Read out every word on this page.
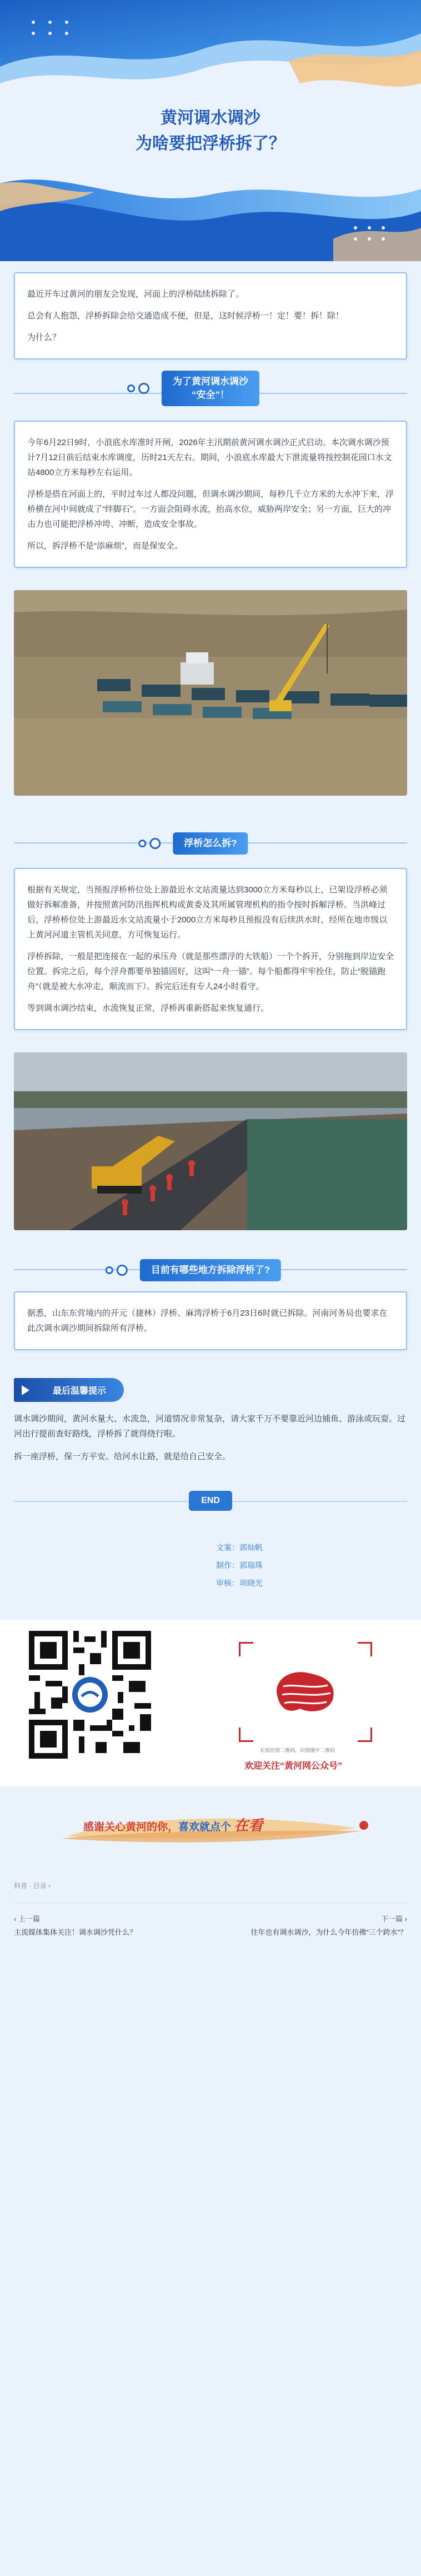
黄河调水调沙
为啥要把浮桥拆了？

最近开车过黄河的朋友会发现，河面上的浮桥陆续拆除了。

总会有人抱怨，浮桥拆除会给交通造成不便，但是，这时候浮桥一！定！要！拆！除！

为什么？

为了黄河调水调沙
“安全”！

今年6月22日9时，小浪底水库准时开闸，2026年主汛期前黄河调水调沙正式启动。本次调水调沙预计7月12日前后结束水库调度，历时21天左右。期间，小浪底水库最大下泄流量将按控制花园口水文站4800立方米每秒左右运用。

浮桥是搭在河面上的，平时过车过人都没问题，但调水调沙期间，每秒几千立方米的大水冲下来，浮桥横在河中间就成了“绊脚石”。一方面会阻碍水流，抬高水位，威胁两岸安全；另一方面，巨大的冲击力也可能把浮桥冲垮、冲断，造成安全事故。

所以，拆浮桥不是“添麻烦”，而是保安全。

浮桥怎么拆?

根据有关规定，当预报浮桥桥位处上游最近水文站流量达到3000立方米每秒以上，已架设浮桥必须做好拆解准备，并按照黄河防汛指挥机构或黄委及其所属管理机构的指令按时拆解浮桥。当洪峰过后，浮桥桥位处上游最近水文站流量小于2000立方米每秒且预报没有后续洪水时，经所在地市级以上黄河河道主管机关同意，方可恢复运行。

浮桥拆除，一般是把连接在一起的承压舟（就是那些漂浮的大铁船）一个个拆开，分别拖到岸边安全位置。拆完之后，每个浮舟都要单独锚固好，这叫“一舟一锚”。每个船都得牢牢拴住，防止“脱锚跑舟”（就是被大水冲走，顺流而下）。拆完后还有专人24小时看守。

等到调水调沙结束，水流恢复正常，浮桥再重新搭起来恢复通行。

目前有哪些地方拆除浮桥了?

据悉，山东东营境内的开元（捷林）浮桥、麻湾浮桥于6月23日6时就已拆除。河南河务局也要求在此次调水调沙期间拆除所有浮桥。

最后温馨提示

调水调沙期间，黄河水量大、水流急，河道情况非常复杂，请大家千万不要靠近河边捕鱼、游泳或玩耍。过河出行提前查好路线，浮桥拆了就得绕行啦。

拆一座浮桥，保一方平安。给河水让路，就是给自己安全。

END
文案：郭灿帆
制作：郭瑞珠
审核：项晓光
长按识别二维码，识别图中二维码
欢迎关注“黄河网公众号”
感谢关心黄河的你，喜欢就点个 在看
科普 · 目录 ›
‹ 上一篇
主流媒体集体关注！调水调沙凭什么？
下一篇 ›
往年也有调水调沙，为什么今年仿佛“三个跨水”？
